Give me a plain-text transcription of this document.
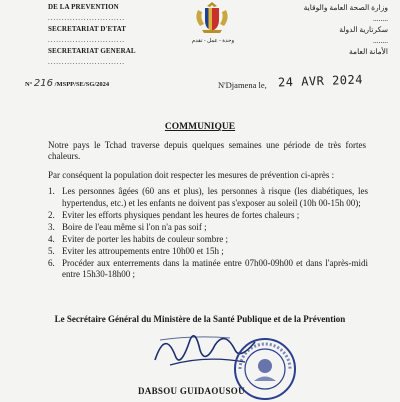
DE LA PREVENTION
............................
SECRETARIAT D'ETAT
............................
SECRETARIAT GENERAL
............................
وحدة - عمل - تقدم
وزارة الصحة العامة والوقاية
........
سكرتارية الدولة
........
الأمانة العامة
N° 216 /MSPP/SE/SG/2024	N'Djamena le, 24 AVR 2024
COMMUNIQUE
Notre pays le Tchad traverse depuis quelques semaines une période de très fortes chaleurs.
Par conséquent la population doit respecter les mesures de prévention ci-après :
1. Les personnes âgées (60 ans et plus), les personnes à risque (les diabétiques, les hypertendus, etc.) et les enfants ne doivent pas s'exposer au soleil (10h 00-15h 00);
2. Eviter les efforts physiques pendant les heures de fortes chaleurs ;
3. Boire de l'eau même si l'on n'a pas soif ;
4. Eviter de porter les habits de couleur sombre ;
5. Eviter les attroupements entre 10h00 et 15h ;
6. Procéder aux enterrements dans la matinée entre 07h00-09h00 et dans l'après-midi entre 15h30-18h00 ;
Le Secrétaire Général du Ministère de la Santé Publique et de la Prévention
DABSOU GUIDAOUSOU
